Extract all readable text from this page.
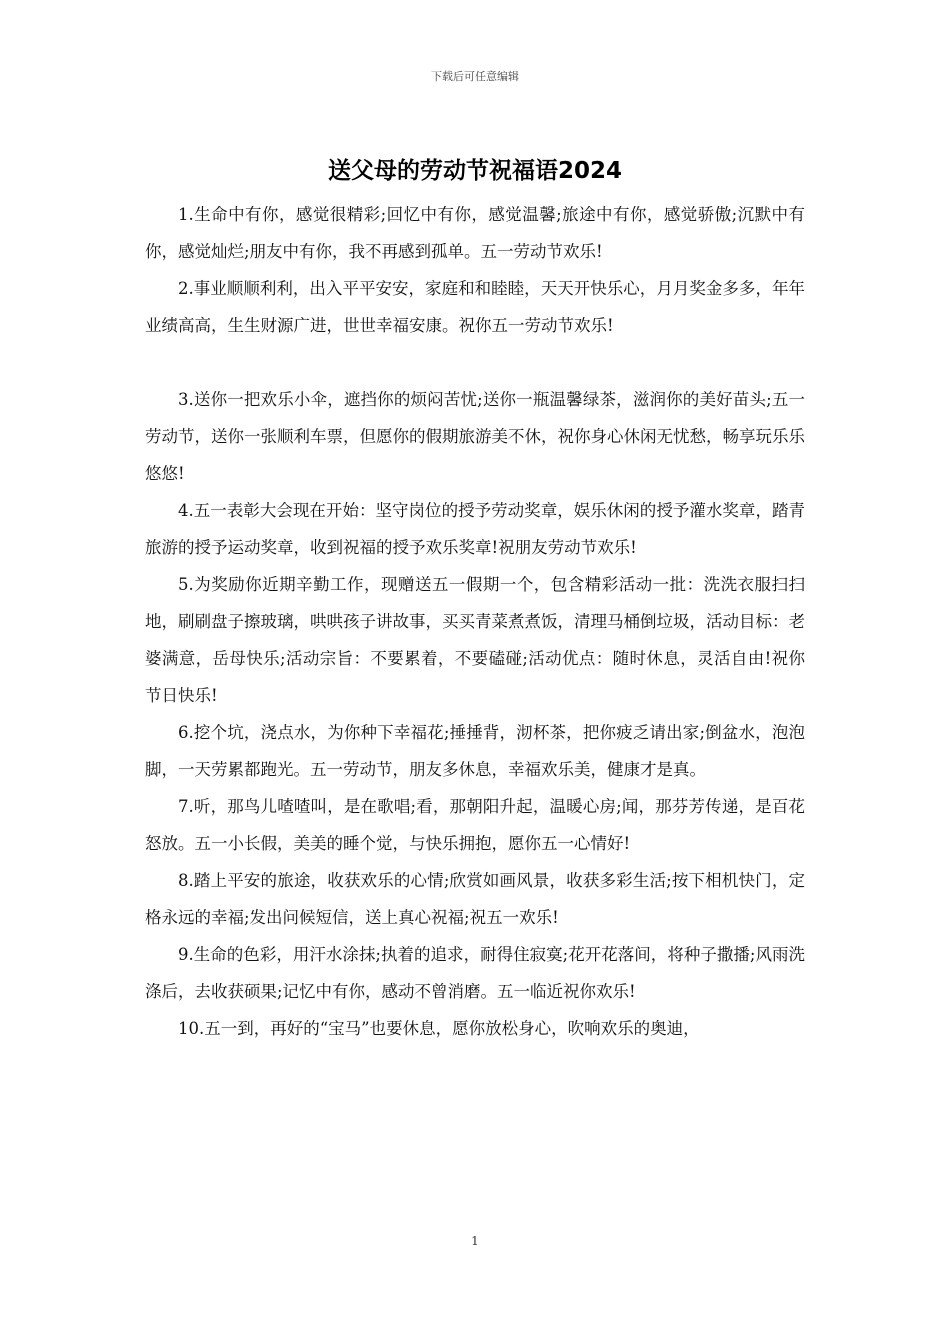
下载后可任意编辑
送父母的劳动节祝福语2024

1.生命中有你，感觉很精彩;回忆中有你，感觉温馨;旅途中有你，感觉骄傲;沉默中有你，感觉灿烂;朋友中有你，我不再感到孤单。五一劳动节欢乐!

2.事业顺顺利利，出入平平安安，家庭和和睦睦，天天开快乐心，月月奖金多多，年年业绩高高，生生财源广进，世世幸福安康。祝你五一劳动节欢乐!

3.送你一把欢乐小伞，遮挡你的烦闷苦忧;送你一瓶温馨绿茶，滋润你的美好苗头;五一劳动节，送你一张顺利车票，但愿你的假期旅游美不休，祝你身心休闲无忧愁，畅享玩乐乐悠悠!

4.五一表彰大会现在开始：坚守岗位的授予劳动奖章，娱乐休闲的授予灌水奖章，踏青旅游的授予运动奖章，收到祝福的授予欢乐奖章!祝朋友劳动节欢乐!

5.为奖励你近期辛勤工作，现赠送五一假期一个，包含精彩活动一批：洗洗衣服扫扫地，刷刷盘子擦玻璃，哄哄孩子讲故事，买买青菜煮煮饭，清理马桶倒垃圾，活动目标：老婆满意，岳母快乐;活动宗旨：不要累着，不要磕碰;活动优点：随时休息，灵活自由!祝你节日快乐!

6.挖个坑，浇点水，为你种下幸福花;捶捶背，沏杯茶，把你疲乏请出家;倒盆水，泡泡脚，一天劳累都跑光。五一劳动节，朋友多休息，幸福欢乐美，健康才是真。

7.听，那鸟儿喳喳叫，是在歌唱;看，那朝阳升起，温暖心房;闻，那芬芳传递，是百花怒放。五一小长假，美美的睡个觉，与快乐拥抱，愿你五一心情好!

8.踏上平安的旅途，收获欢乐的心情;欣赏如画风景，收获多彩生活;按下相机快门，定格永远的幸福;发出问候短信，送上真心祝福;祝五一欢乐!

9.生命的色彩，用汗水涂抹;执着的追求，耐得住寂寞;花开花落间，将种子撒播;风雨洗涤后，去收获硕果;记忆中有你，感动不曾消磨。五一临近祝你欢乐!

10.五一到，再好的“宝马”也要休息，愿你放松身心，吹响欢乐的奥迪，

1
